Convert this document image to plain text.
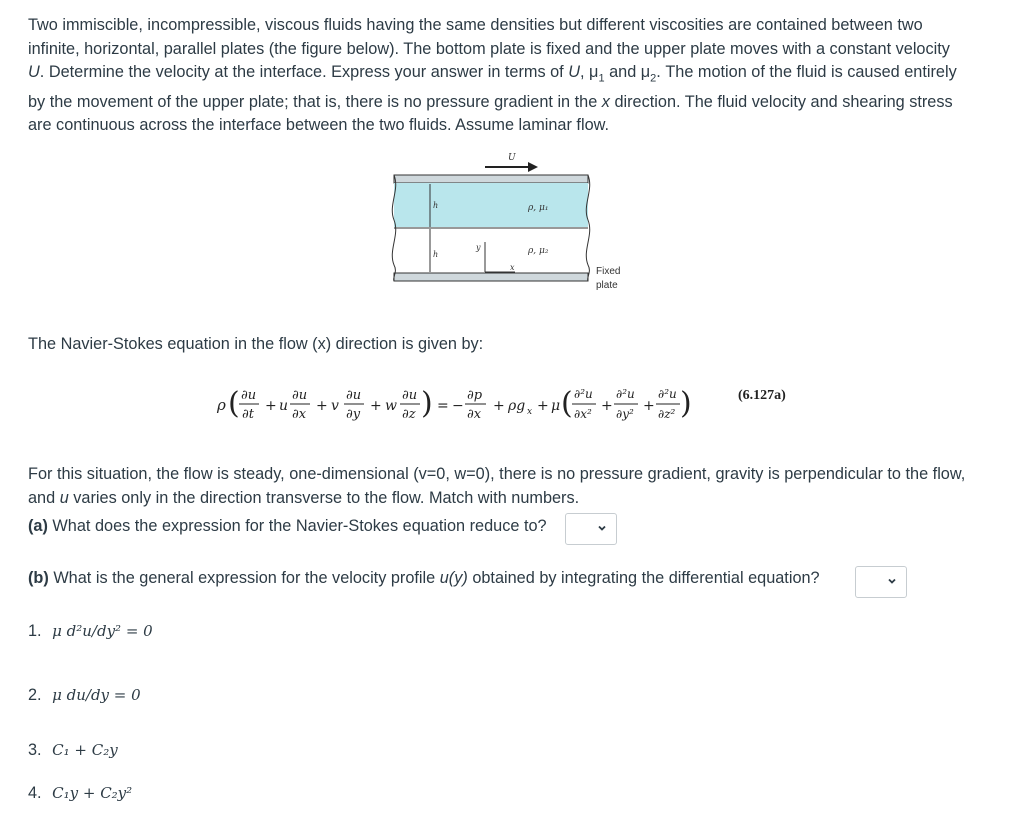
Two immiscible, incompressible, viscous fluids having the same densities but different viscosities are contained between two

infinite, horizontal, parallel plates (the figure below). The bottom plate is fixed and the upper plate moves with a constant velocity

U. Determine the velocity at the interface. Express your answer in terms of U, $\mu_1$ and $\mu_2$. The motion of the fluid is caused entirely

by the movement of the upper plate; that is, there is no pressure gradient in the x direction. The fluid velocity and shearing stress

are continuous across the interface between the two fluids. Assume laminar flow.

U
h
h
y
x
ρ, μ₁
ρ, μ₂
Fixed
plate
The Navier-Stokes equation in the flow (x) direction is given by:
ρ ( ∂u
∂t
+ u
∂u
∂x
+ v
∂u
∂y
+ w
∂u
∂z ) = −
∂p
∂x
+ ρg x + μ ( ∂²u
∂x² +
∂²u
∂y² +
∂²u
∂z² )	(6.127a)
For this situation, the flow is steady, one-dimensional (v=0, w=0), there is no pressure gradient, gravity is perpendicular to the flow,
and u varies only in the direction transverse to the flow. Match with numbers.
(a) What does the expression for the Navier-Stokes equation reduce to?
(b) What is the general expression for the velocity profile u(y) obtained by integrating the differential equation?
1. μ d²u/dy² = 0
2. μ du/dy = 0
3. C₁ + C₂y
4. C₁y + C₂y²
